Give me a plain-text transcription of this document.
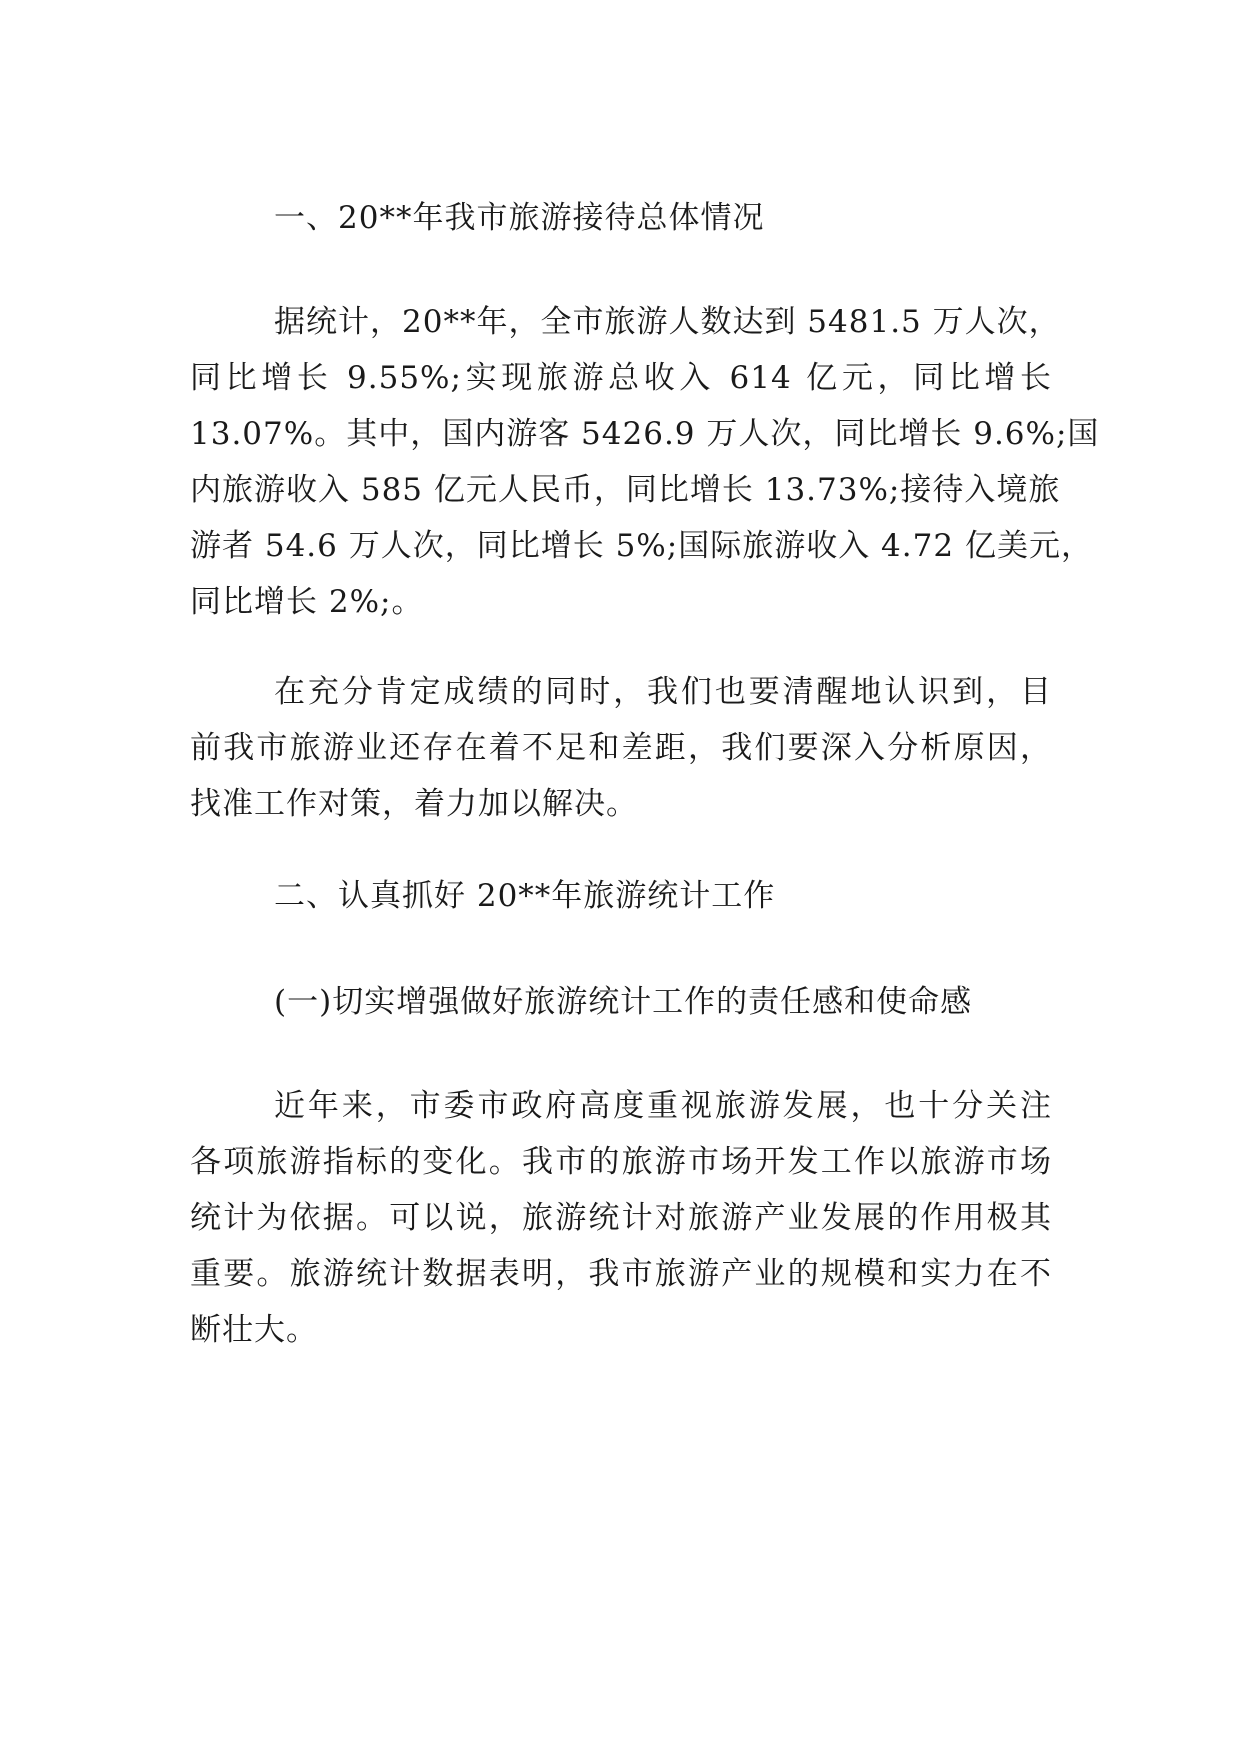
一、20**年我市旅游接待总体情况
据统计，20**年，全市旅游人数达到 5481.5 万人次，
同比增长 9.55%;实现旅游总收入 614 亿元，同比增长
13.07%。其中，国内游客 5426.9 万人次，同比增长 9.6%;国
内旅游收入 585 亿元人民币，同比增长 13.73%;接待入境旅
游者 54.6 万人次，同比增长 5%;国际旅游收入 4.72 亿美元，
同比增长 2%;。
在充分肯定成绩的同时，我们也要清醒地认识到，目
前我市旅游业还存在着不足和差距，我们要深入分析原因，
找准工作对策，着力加以解决。
二、认真抓好 20**年旅游统计工作
(一)切实增强做好旅游统计工作的责任感和使命感
近年来，市委市政府高度重视旅游发展，也十分关注
各项旅游指标的变化。我市的旅游市场开发工作以旅游市场
统计为依据。可以说，旅游统计对旅游产业发展的作用极其
重要。旅游统计数据表明，我市旅游产业的规模和实力在不
断壮大。
